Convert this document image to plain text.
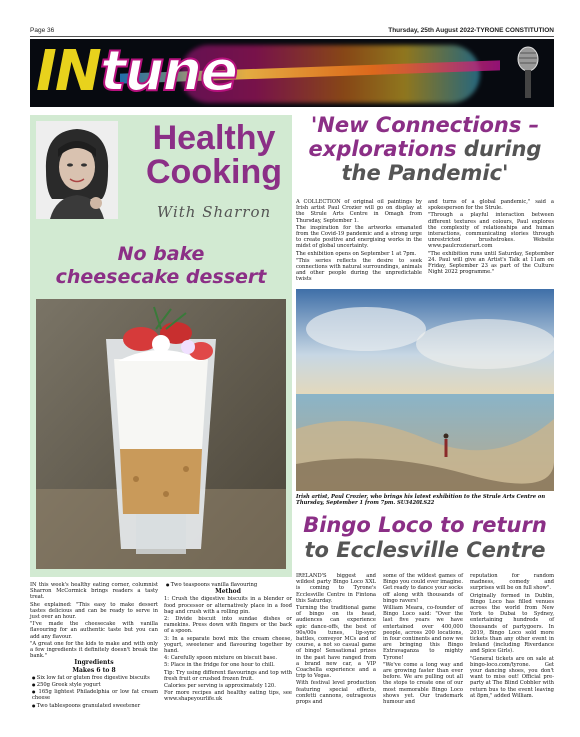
Page 36	Thursday, 25th August 2022-TYRONE CONSTITUTION
INtune
Healthy
Cooking
With Sharron
No bake
cheesecake dessert

IN this week's healthy eating corner, columnist Sharron McCormick brings readers a tasty treat.

She explained: "This easy to make dessert tastes delicious and can be ready to serve in just over an hour.

"I've made the cheesecake with vanilla flavouring for an authentic taste but you can add any flavour.

"A great one for the kids to make and with only a few ingredients it definitely doesn't break the bank."

Ingredients

Makes 6 to 8

● Six low fat or gluten free digestive biscuits

● 250g Greek style yogurt

● 165g lightest Philadelphia or low fat cream cheese

● Two tablespoons granulated sweetener

● Two teaspoons vanilla flavouring

Method

1: Crush the digestive biscuits in a blender or food processor or alternatively place in a food bag and crush with a rolling pin.

2: Divide biscuit into sundae dishes or ramekins. Press down with fingers or the back of a spoon.

3: In a separate bowl mix the cream cheese, yogurt, sweetener and flavouring together by hand.

4: Carefully spoon mixture on biscuit base.

5: Place in the fridge for one hour to chill.

Tip: Try using different flavourings and top with fresh fruit or crushed frozen fruit.

Calories per serving is approximately 120.

For more recipes and healthy eating tips, see www.shapeyourlife.uk

'New Connections –
explorations during
the Pandemic'

A COLLECTION of original oil paintings by Irish artist Paul Crozier will go on display at the Strule Arts Centre in Omagh from Thursday, September 1.

The inspiration for the artworks emanated from the Covid-19 pandemic and a strong urge to create positive and energising works in the midst of global uncertainty.

The exhibition opens on September 1 at 7pm.

"This series reflects the desire to seek connections with natural surroundings, animals and other people during the unpredictable twists

and turns of a global pandemic," said a spokesperson for the Strule.

"Through a playful interaction between different textures and colours, Paul explores the complexity of relationships and human interactions, communicating stories through unrestricted brushstrokes. Website www.paulcrozierart.com

"The exhibition runs until Saturday, September 24. Paul will give an Artist's Talk at 11am on Friday, September 23 as part of the Culture Night 2022 programme."

Irish artist, Paul Crozier, who brings his latest exhibition to the Strule Arts Centre on Thursday, September 1 from 7pm. SU3420LS22
Bingo Loco to return
to Ecclesville Centre

IRELAND'S biggest and wildest party Bingo Loco XXL is coming to Tyrone's Ecclesville Centre in Fintona this Saturday.

Turning the traditional game of bingo on its head, audiences can experience epic dance-offs, the best of 90s/00s tunes, lip-sync battles, conveyor MCs and of course, a not so casual game of bingo! Sensational prizes in the past have ranged from a brand new car, a VIP Coachella experience and a trip to Vegas.

With festival level production featuring special effects, confetti cannons, outrageous props and

some of the wildest games of Bingo you could ever imagine. Get ready to dance your socks off along with thousands of bingo ravers!

William Meara, co-founder of Bingo Loco said: "Over the last five years we have entertained over 400,000 people, across 200 locations, in four continents and now we are bringing this Bingo Extravaganza to mighty Tyrone!

"We've come a long way and are growing faster than ever before. We are pulling out all the stops to create one of our most memorable Bingo Loco shows yet. Our trademark humour and

reputation for random madness, comedy and surprises will be on full show".

Originally formed in Dublin, Bingo Loco has filled venues across the world from New York to Dubai to Sydney, entertaining hundreds of thousands of partygoers. In 2019, Bingo Loco sold more tickets than any other event in Ireland (including Riverdance and Spice Girls).

"General tickets are on sale at bingo-loco.com/tyrone. Get your dancing shoes, you don't want to miss out! Official pre-party at The Blind Cobbler with return bus to the event leaving at 8pm," added William.
